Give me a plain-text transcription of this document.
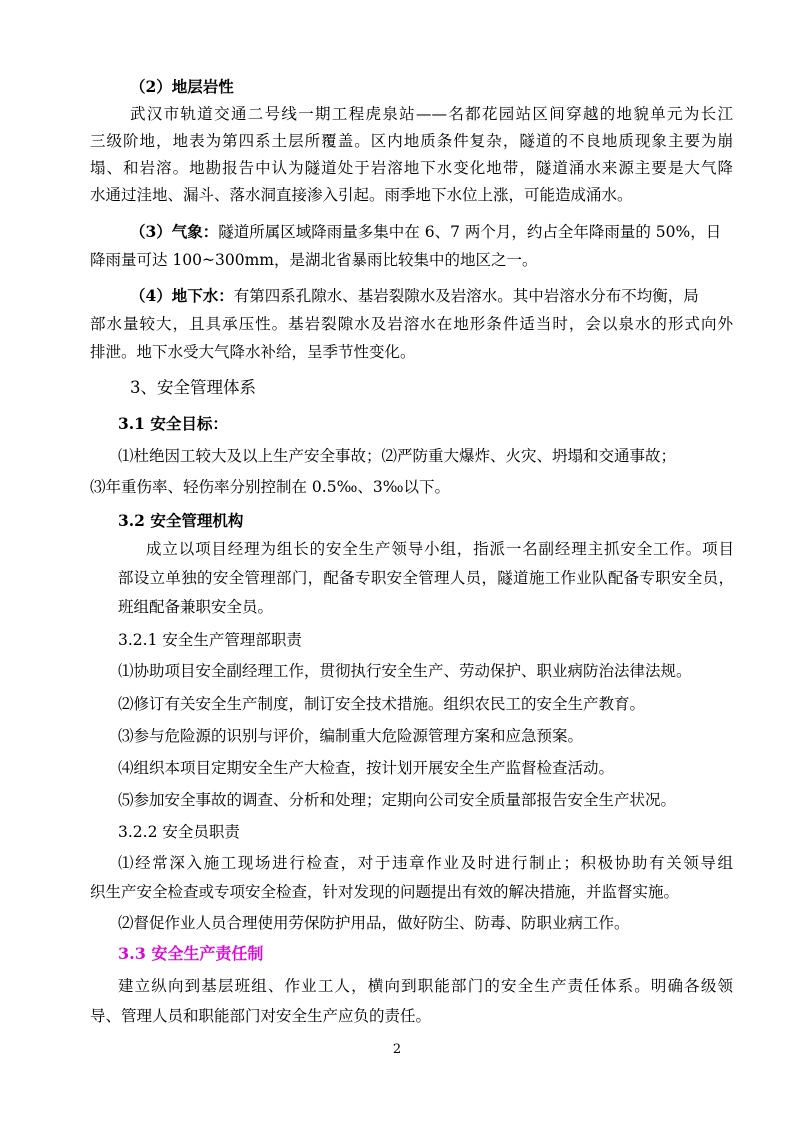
（2）地层岩性
武汉市轨道交通二号线一期工程虎泉站——名都花园站区间穿越的地貌单元为长江
三级阶地，地表为第四系土层所覆盖。区内地质条件复杂，隧道的不良地质现象主要为崩
塌、和岩溶。地勘报告中认为隧道处于岩溶地下水变化地带，隧道涌水来源主要是大气降
水通过洼地、漏斗、落水洞直接渗入引起。雨季地下水位上涨，可能造成涌水。
（3）气象：隧道所属区域降雨量多集中在 6、7 两个月，约占全年降雨量的 50%，日
降雨量可达 100~300mm，是湖北省暴雨比较集中的地区之一。
（4）地下水：有第四系孔隙水、基岩裂隙水及岩溶水。其中岩溶水分布不均衡，局
部水量较大，且具承压性。基岩裂隙水及岩溶水在地形条件适当时，会以泉水的形式向外
排泄。地下水受大气降水补给，呈季节性变化。
3、安全管理体系
3.1 安全目标：
⑴杜绝因工较大及以上生产安全事故；⑵严防重大爆炸、火灾、坍塌和交通事故；
⑶年重伤率、轻伤率分别控制在 0.5‰、3‰以下。
3.2 安全管理机构
成立以项目经理为组长的安全生产领导小组，指派一名副经理主抓安全工作。项目
部设立单独的安全管理部门，配备专职安全管理人员，隧道施工作业队配备专职安全员，
班组配备兼职安全员。
3.2.1 安全生产管理部职责
⑴协助项目安全副经理工作，贯彻执行安全生产、劳动保护、职业病防治法律法规。
⑵修订有关安全生产制度，制订安全技术措施。组织农民工的安全生产教育。
⑶参与危险源的识别与评价，编制重大危险源管理方案和应急预案。
⑷组织本项目定期安全生产大检查，按计划开展安全生产监督检查活动。
⑸参加安全事故的调查、分析和处理；定期向公司安全质量部报告安全生产状况。
3.2.2 安全员职责
⑴经常深入施工现场进行检查，对于违章作业及时进行制止；积极协助有关领导组
织生产安全检查或专项安全检查，针对发现的问题提出有效的解决措施，并监督实施。
⑵督促作业人员合理使用劳保防护用品，做好防尘、防毒、防职业病工作。
3.3 安全生产责任制
建立纵向到基层班组、作业工人，横向到职能部门的安全生产责任体系。明确各级领
导、管理人员和职能部门对安全生产应负的责任。
2
